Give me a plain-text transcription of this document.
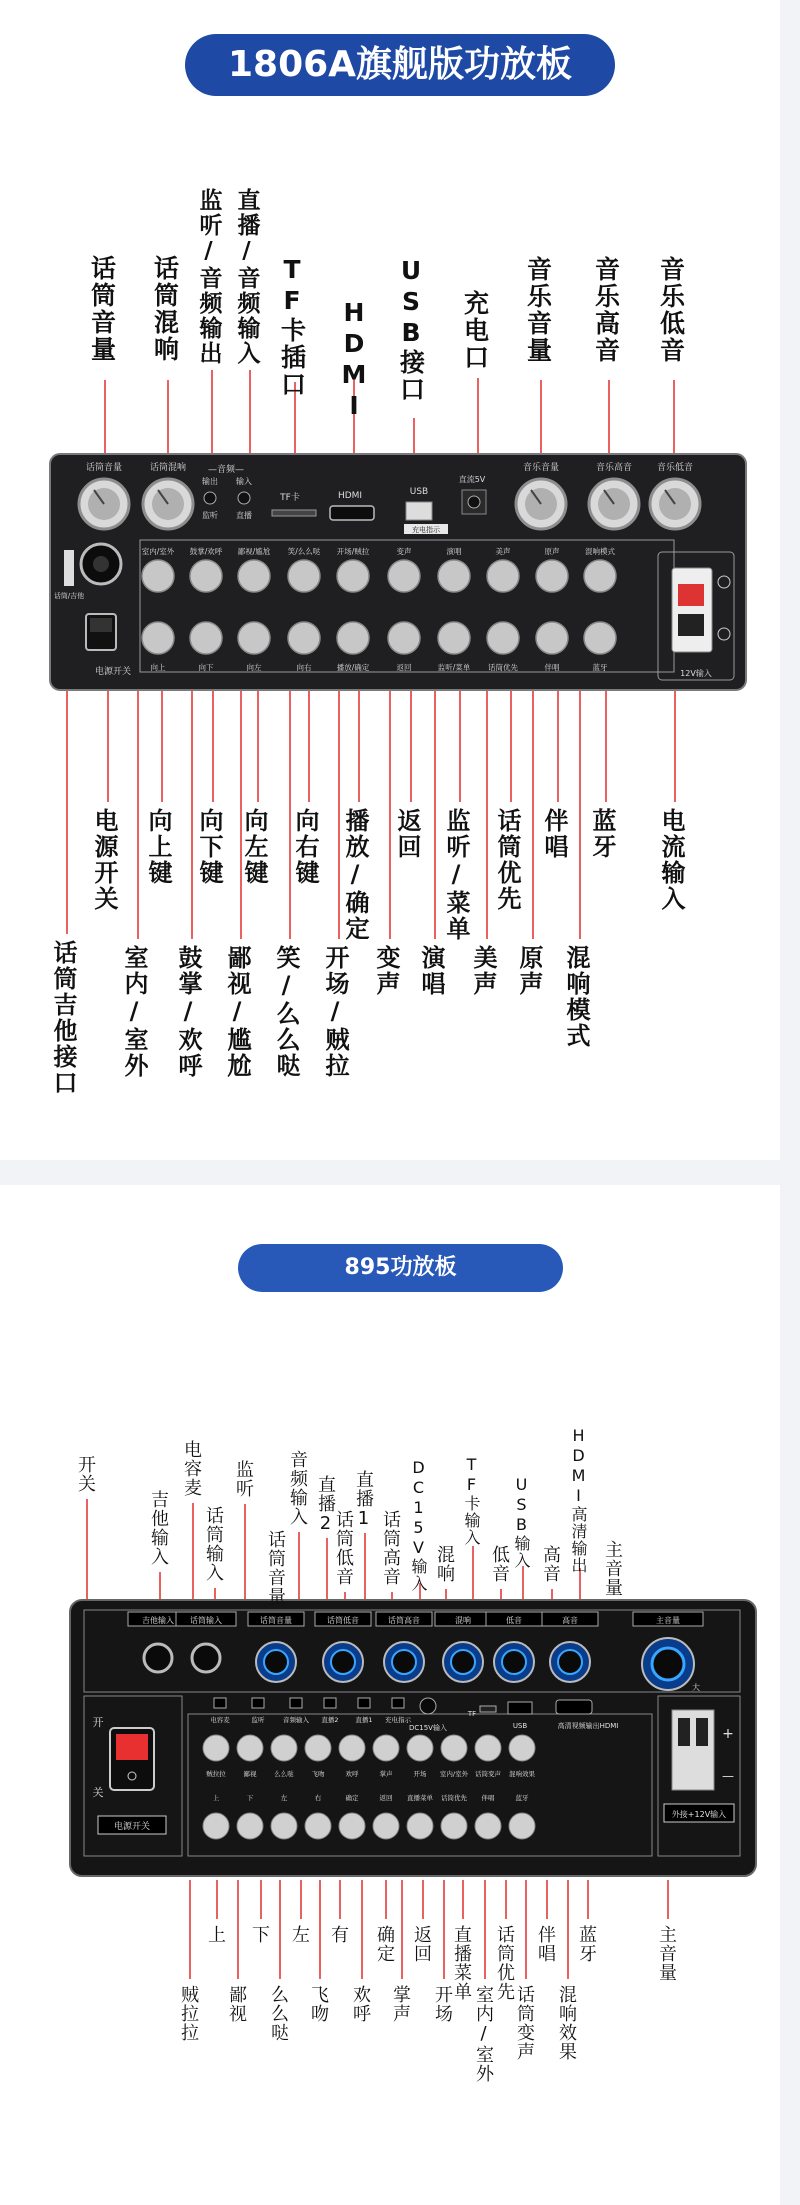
1806A旗舰版功放板
895功放板
话筒音量	话筒混响	音乐音量	音乐高音	音乐低音
—音频—
输出 输入
监听 直播
TF卡	HDMI	USB
充电指示
直流5V
话筒/吉他
电源开关
室内/室外
向上
鼓掌/欢呼
向下
鄙视/尴尬
向左
笑/么么哒
向右
开场/贼拉
播放/确定
变声
返回
演唱
监听/菜单
美声
话筒优先
原声
伴唱
混响模式
蓝牙
12V输入
吉他输入 话筒输入	话筒音量	话筒低音	话筒高音	混响	低音	高音	主音量
大
电容麦	监听	音频输入 直播2	直播1 充电指示
DC15V输入
TF
USB	高清视频输出HDMI
开
关
电源开关
贼拉拉
上
鄙视
下
么么哒
左
飞吻
右
欢呼
确定
掌声
返回
开场
直播菜单
室内/室外
话筒优先
话筒变声
伴唱
混响效果
蓝牙
+
—
外接+12V输入
话筒音量 话筒混响 监听/音频输出 直播/音频输入 TF卡插口 HDMI USB接口 充电口 音乐音量 音乐高音 音乐低音
话筒吉他接口
电源开关
室内/室外
向上键
鼓掌/欢呼
向下键
鄙视/尴尬
向左键
笑/么么哒
向右键
开场/贼拉
播放/确定
变声
返回
演唱
监听/菜单
美声
话筒优先
原声
伴唱
混响模式
蓝牙 电流输入
开关	电容麦
吉他输入 话筒输入
监听
话筒音量
音频输入 直播2
话筒低音
直播1
话筒高音 DC15V输入 混响
TF卡输入
低音 USB输入 高音 HDMI高清输出 主音量
上 下 左 有 确定 返回 直播菜单 话筒优先 伴唱 蓝牙	主音量
贼拉拉 鄙视 么么哒 飞吻 欢呼 掌声 开场 室内/室外 话筒变声 混响效果
